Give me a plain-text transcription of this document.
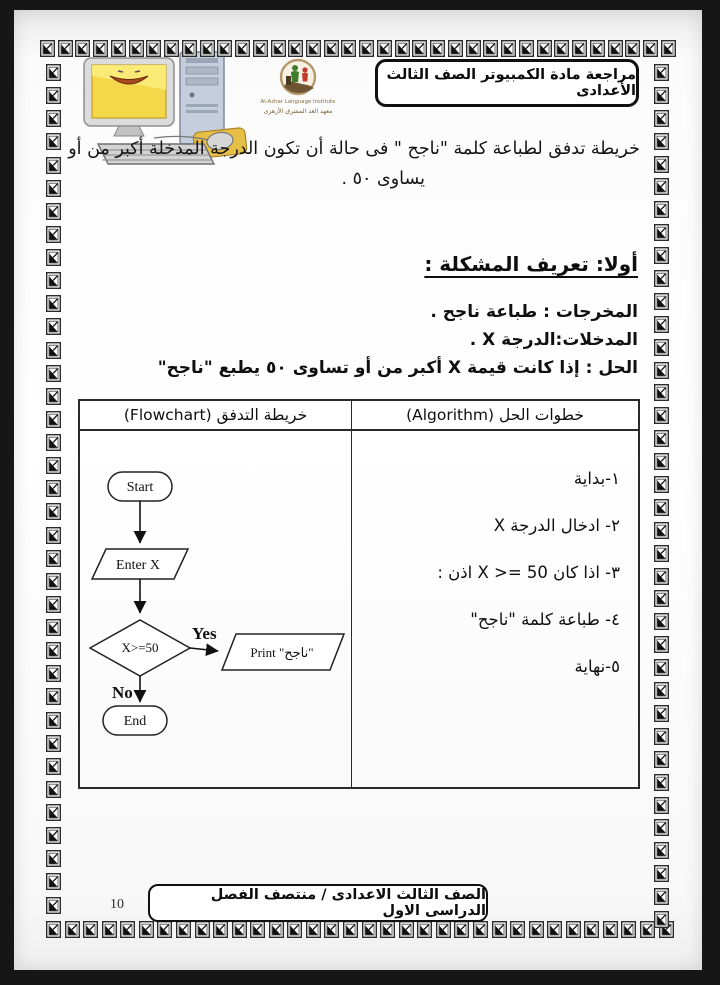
Al-Azhar Language Institute
معهد الغد المشرق الأزهرى
مراجعة مادة الكمبيوتر الصف الثالث الأعدادى
خريطة تدفق لطباعة كلمة "ناجح " فى حالة أن تكون الدرجة المدخلة أكبر من أو
يساوى ٥٠ .
أولا: تعريف المشكلة :
المخرجات : طباعة ناجح .
المدخلات:الدرجة X .
الحل : إذا كانت قيمة X أكبر من أو تساوى ٥٠ يطبع "ناجح"
خريطة التدفق (Flowchart)	خطوات الحل (Algorithm)
Start
Enter X
X>=50
Yes
Print "ناجح"
No
End
١-بداية
٢- ادخال الدرجة X
٣- اذا كان X >= 50 اذن :
٤- طباعة كلمة "ناجح"
٥-نهاية
10
الصف الثالث الاعدادى / منتصف الفصل الدراسى الاول
